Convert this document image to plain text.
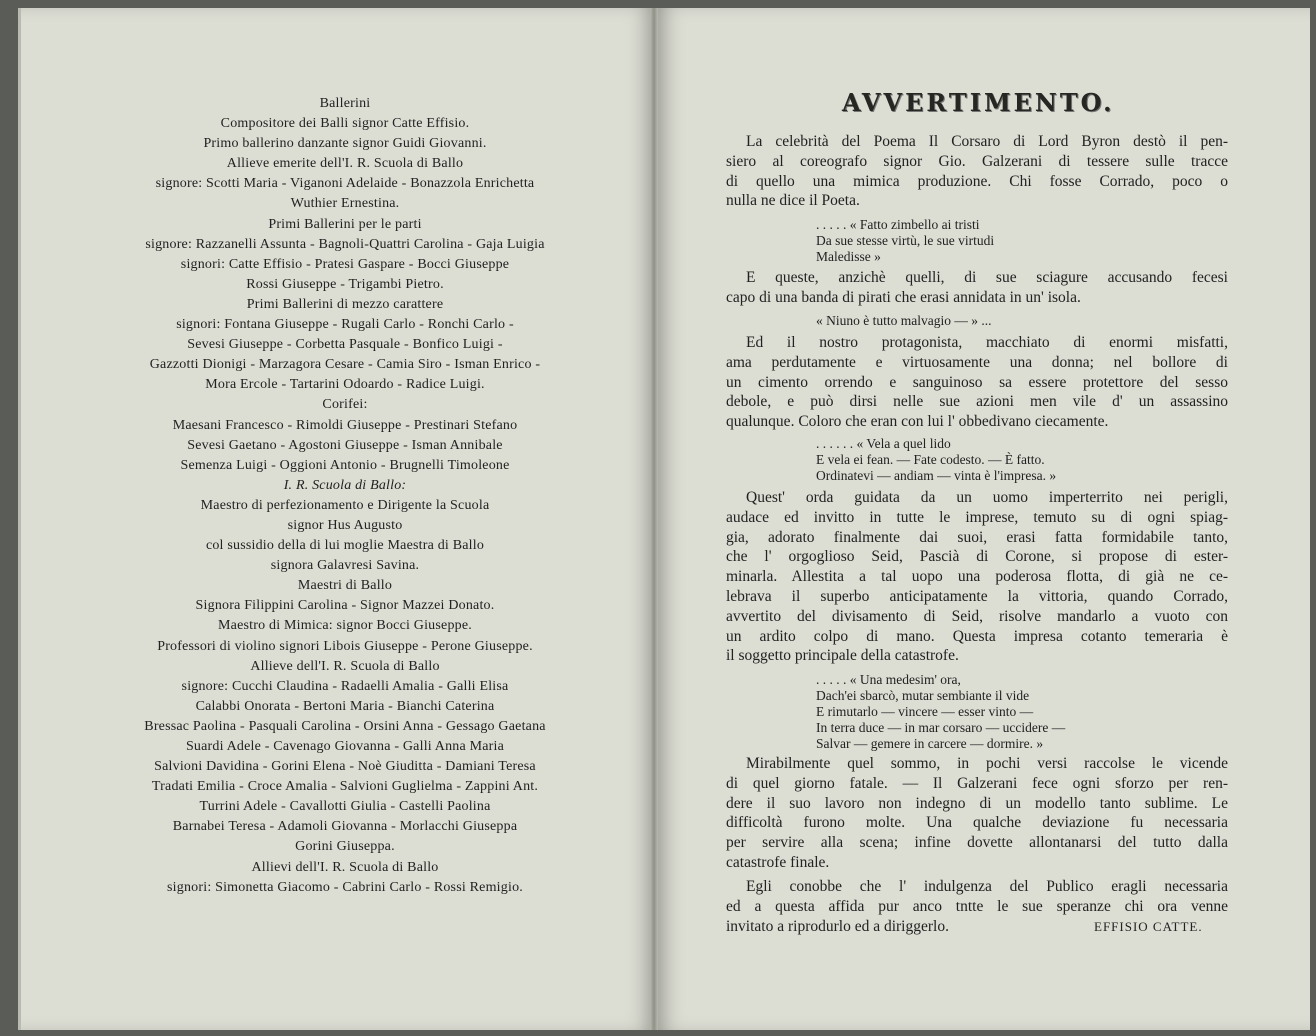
Ballerini
Compositore dei Balli signor Catte Effisio.
Primo ballerino danzante signor Guidi Giovanni.
Allieve emerite dell'I. R. Scuola di Ballo
signore: Scotti Maria - Viganoni Adelaide - Bonazzola Enrichetta
Wuthier Ernestina.
Primi Ballerini per le parti
signore: Razzanelli Assunta - Bagnoli-Quattri Carolina - Gaja Luigia
signori: Catte Effisio - Pratesi Gaspare - Bocci Giuseppe
Rossi Giuseppe - Trigambi Pietro.
Primi Ballerini di mezzo carattere
signori: Fontana Giuseppe - Rugali Carlo - Ronchi Carlo -
Sevesi Giuseppe - Corbetta Pasquale - Bonfico Luigi -
Gazzotti Dionigi - Marzagora Cesare - Camia Siro - Isman Enrico -
Mora Ercole - Tartarini Odoardo - Radice Luigi.
Corifei:
Maesani Francesco - Rimoldi Giuseppe - Prestinari Stefano
Sevesi Gaetano - Agostoni Giuseppe - Isman Annibale
Semenza Luigi - Oggioni Antonio - Brugnelli Timoleone
I. R. Scuola di Ballo:
Maestro di perfezionamento e Dirigente la Scuola
signor Hus Augusto
col sussidio della di lui moglie Maestra di Ballo
signora Galavresi Savina.
Maestri di Ballo
Signora Filippini Carolina - Signor Mazzei Donato.
Maestro di Mimica: signor Bocci Giuseppe.
Professori di violino signori Libois Giuseppe - Perone Giuseppe.
Allieve dell'I. R. Scuola di Ballo
signore: Cucchi Claudina - Radaelli Amalia - Galli Elisa
Calabbi Onorata - Bertoni Maria - Bianchi Caterina
Bressac Paolina - Pasquali Carolina - Orsini Anna - Gessago Gaetana
Suardi Adele - Cavenago Giovanna - Galli Anna Maria
Salvioni Davidina - Gorini Elena - Noè Giuditta - Damiani Teresa
Tradati Emilia - Croce Amalia - Salvioni Guglielma - Zappini Ant.
Turrini Adele - Cavallotti Giulia - Castelli Paolina
Barnabei Teresa - Adamoli Giovanna - Morlacchi Giuseppa
Gorini Giuseppa.
Allievi dell'I. R. Scuola di Ballo
signori: Simonetta Giacomo - Cabrini Carlo - Rossi Remigio.
AVVERTIMENTO.
La celebrità del Poema Il Corsaro di Lord Byron destò il pen-
siero al coreografo signor Gio. Galzerani di tessere sulle tracce
di quello una mimica produzione. Chi fosse Corrado, poco o
nulla ne dice il Poeta.
. . . . . « Fatto zimbello ai tristi
Da sue stesse virtù, le sue virtudi
Maledisse »
E queste, anzichè quelli, di sue sciagure accusando fecesi
capo di una banda di pirati che erasi annidata in un' isola.
« Niuno è tutto malvagio — » ...
Ed il nostro protagonista, macchiato di enormi misfatti,
ama perdutamente e virtuosamente una donna; nel bollore di
un cimento orrendo e sanguinoso sa essere protettore del sesso
debole, e può dirsi nelle sue azioni men vile d' un assassino
qualunque. Coloro che eran con lui l' obbedivano ciecamente.
. . . . . . « Vela a quel lido
E vela ei fean. — Fate codesto. — È fatto.
Ordinatevi — andiam — vinta è l'impresa. »
Quest' orda guidata da un uomo imperterrito nei perigli,
audace ed invitto in tutte le imprese, temuto su di ogni spiag-
gia, adorato finalmente dai suoi, erasi fatta formidabile tanto,
che l' orgoglioso Seid, Pascià di Corone, si propose di ester-
minarla. Allestita a tal uopo una poderosa flotta, di già ne ce-
lebrava il superbo anticipatamente la vittoria, quando Corrado,
avvertito del divisamento di Seid, risolve mandarlo a vuoto con
un ardito colpo di mano. Questa impresa cotanto temeraria è
il soggetto principale della catastrofe.
. . . . . « Una medesim' ora,
Dach'ei sbarcò, mutar sembiante il vide
E rimutarlo — vincere — esser vinto —
In terra duce — in mar corsaro — uccidere —
Salvar — gemere in carcere — dormire. »
Mirabilmente quel sommo, in pochi versi raccolse le vicende
di quel giorno fatale. — Il Galzerani fece ogni sforzo per ren-
dere il suo lavoro non indegno di un modello tanto sublime. Le
difficoltà furono molte. Una qualche deviazione fu necessaria
per servire alla scena; infine dovette allontanarsi del tutto dalla
catastrofe finale.
Egli conobbe che l' indulgenza del Publico eragli necessaria
ed a questa affida pur anco tntte le sue speranze chi ora venne
invitato a riprodurlo ed a diriggerlo.	EFFISIO CATTE.
